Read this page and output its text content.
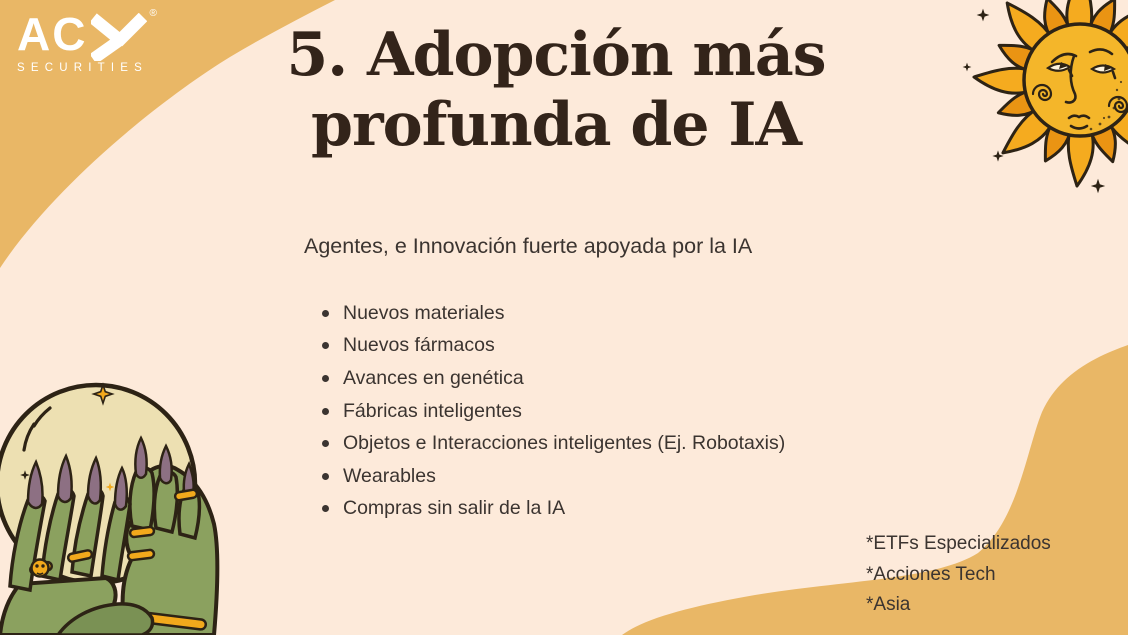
AC	®
SECURITIES	5. Adopción más
profunda de IA

Agentes, e Innovación fuerte apoyada por la IA

Nuevos materiales
Nuevos fármacos
Avances en genética
Fábricas inteligentes
Objetos e Interacciones inteligentes (Ej. Robotaxis)
Wearables
Compras sin salir de la IA
*ETFs Especializados
*Acciones Tech
*Asia
